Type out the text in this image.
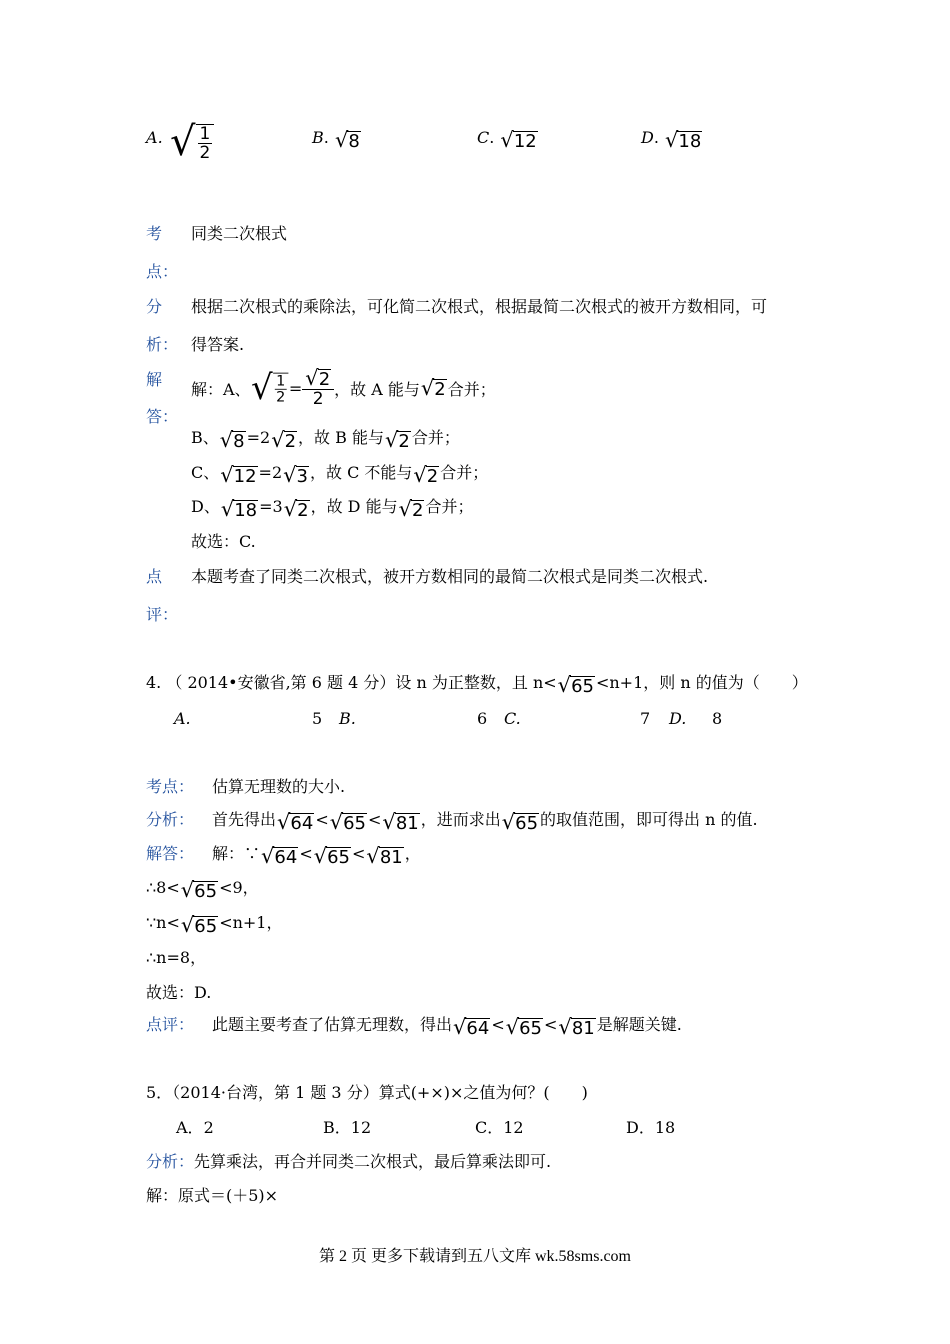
A. √ $\frac{1}{2}$	B. √ 8	C. √ 12	D. √ 18
考
点：
同类二次根式
分
析：
根据二次根式的乘除法，可化简二次根式，根据最简二次根式的被开方数相同，可
得答案.
解
答：
解：A、 √ $\frac{1}{2} = \frac{√ 2}{2}$ ，故 A 能与 √ 2 合并；
B、 √ 8 =2 √ 2 ，故 B 能与 √ 2 合并；
C、 √ 12 =2 √ 3 ，故 C 不能与 √ 2 合并；
D、 √ 18 =3 √ 2 ，故 D 能与 √ 2 合并；
故选：C.
点
评：
本题考查了同类二次根式，被开方数相同的最简二次根式是同类二次根式.
4. （ 2014•安徽省,第 6 题 4 分）设 n 为正整数，且 n< √ 65 <n+1，则 n 的值为（　　）
A.	5 B.	6 C.	7 D. 8
考点： 估算无理数的大小.
分析： 首先得出 √ 64 < √ 65 < √ 81 ，进而求出 √ 65 的取值范围，即可得出 n 的值.
解答： 解：∵ √ 64 < √ 65 < √ 81 ，
∴8< √ 65 <9，
∵n< √ 65 <n+1，
∴n=8，
故选：D.
点评： 此题主要考查了估算无理数，得出 √ 64 < √ 65 < √ 81 是解题关键.
5．（2014·台湾，第 1 题 3 分）算式(+×)×之值为何？(　　)
A．2	B．12	C．12	D．18
分析：先算乘法，再合并同类二次根式，最后算乘法即可.
解：原式＝(＋5)×
第 2 页 更多下载请到五八文库 wk.58sms.com
